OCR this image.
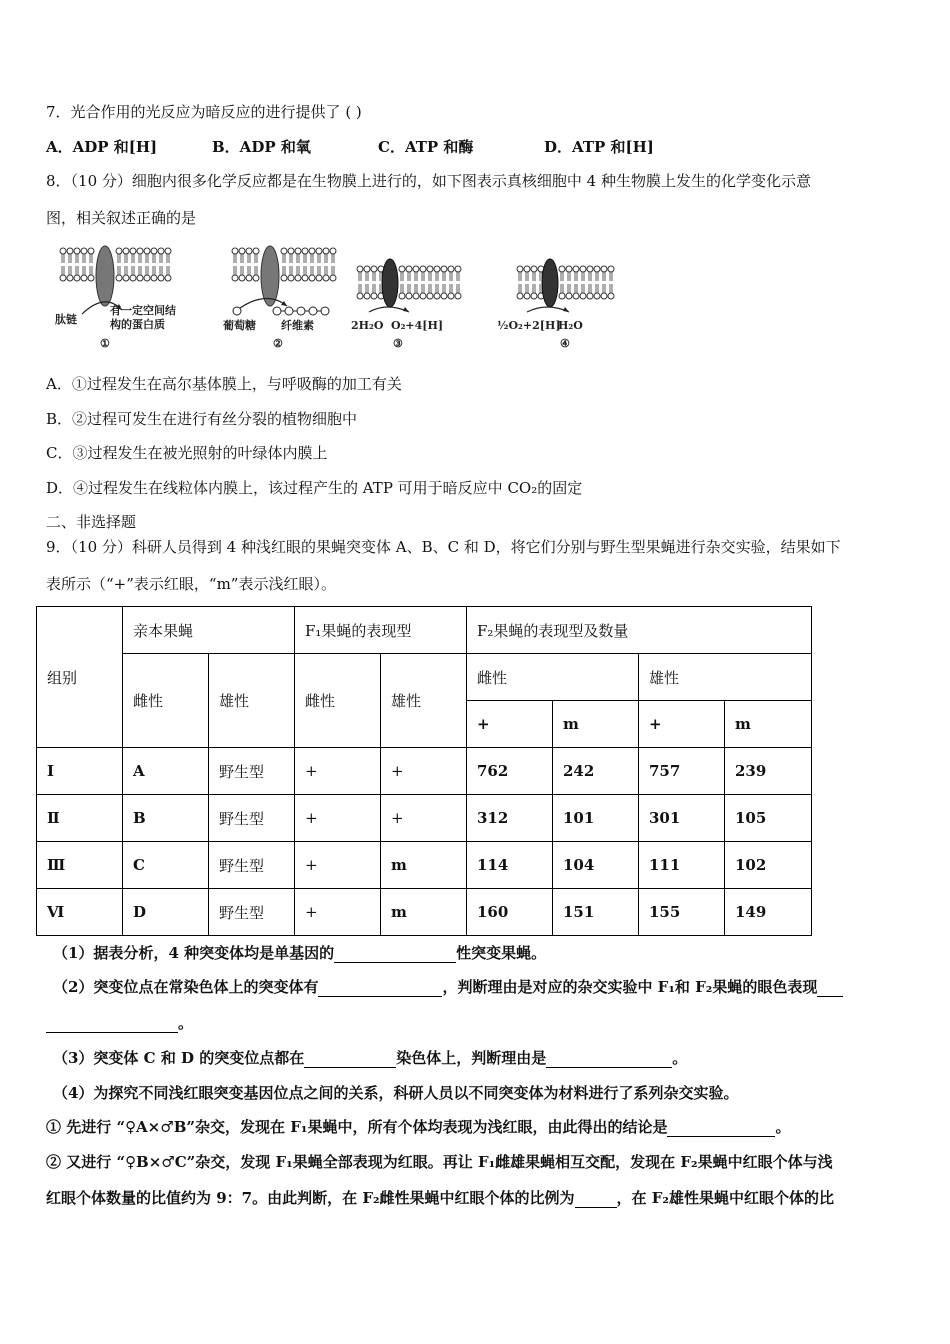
7．光合作用的光反应为暗反应的进行提供了 ( )
A．ADP 和[H]	B．ADP 和氧	C．ATP 和酶	D．ATP 和[H]
8．（10 分）细胞内很多化学反应都是在生物膜上进行的，如下图表示真核细胞中 4 种生物膜上发生的化学变化示意
图，相关叙述正确的是
肽链
有一定空间结
构的蛋白质
①
葡萄糖 纤维素
②
2H₂O O₂+4[H]
③
½O₂+2[H]
H₂O
④
A．①过程发生在高尔基体膜上，与呼吸酶的加工有关
B．②过程可发生在进行有丝分裂的植物细胞中
C．③过程发生在被光照射的叶绿体内膜上
D．④过程发生在线粒体内膜上，该过程产生的 ATP 可用于暗反应中 CO₂的固定
二、非选择题
9．（10 分）科研人员得到 4 种浅红眼的果蝇突变体 A、B、C 和 D，将它们分别与野生型果蝇进行杂交实验，结果如下
表所示（“+”表示红眼，“m”表示浅红眼）。
组别	亲本果蝇		F₁果蝇的表现型		F₂果蝇的表现型及数量			
	雌性	雄性	雌性	雄性	雌性		雄性	
					+	m	+	m
Ⅰ	A	野生型	+	+	762	242	757	239
Ⅱ	B	野生型	+	+	312	101	301	105
Ⅲ	C	野生型	+	m	114	104	111	102
Ⅵ	D	野生型	+	m	160	151	155	149
（1）据表分析，4 种突变体均是单基因的	性突变果蝇。
（2）突变位点在常染色体上的突变体有	，判断理由是对应的杂交实验中 F₁和 F₂果蝇的眼色表现
。
（3）突变体 C 和 D 的突变位点都在	染色体上，判断理由是	。
（4）为探究不同浅红眼突变基因位点之间的关系，科研人员以不同突变体为材料进行了系列杂交实验。
① 先进行 “♀A×♂B”杂交，发现在 F₁果蝇中，所有个体均表现为浅红眼，由此得出的结论是	。
② 又进行 “♀B×♂C”杂交，发现 F₁果蝇全部表现为红眼。再让 F₁雌雄果蝇相互交配，发现在 F₂果蝇中红眼个体与浅
红眼个体数量的比值约为 9：7。由此判断，在 F₂雌性果蝇中红眼个体的比例为	，在 F₂雄性果蝇中红眼个体的比
